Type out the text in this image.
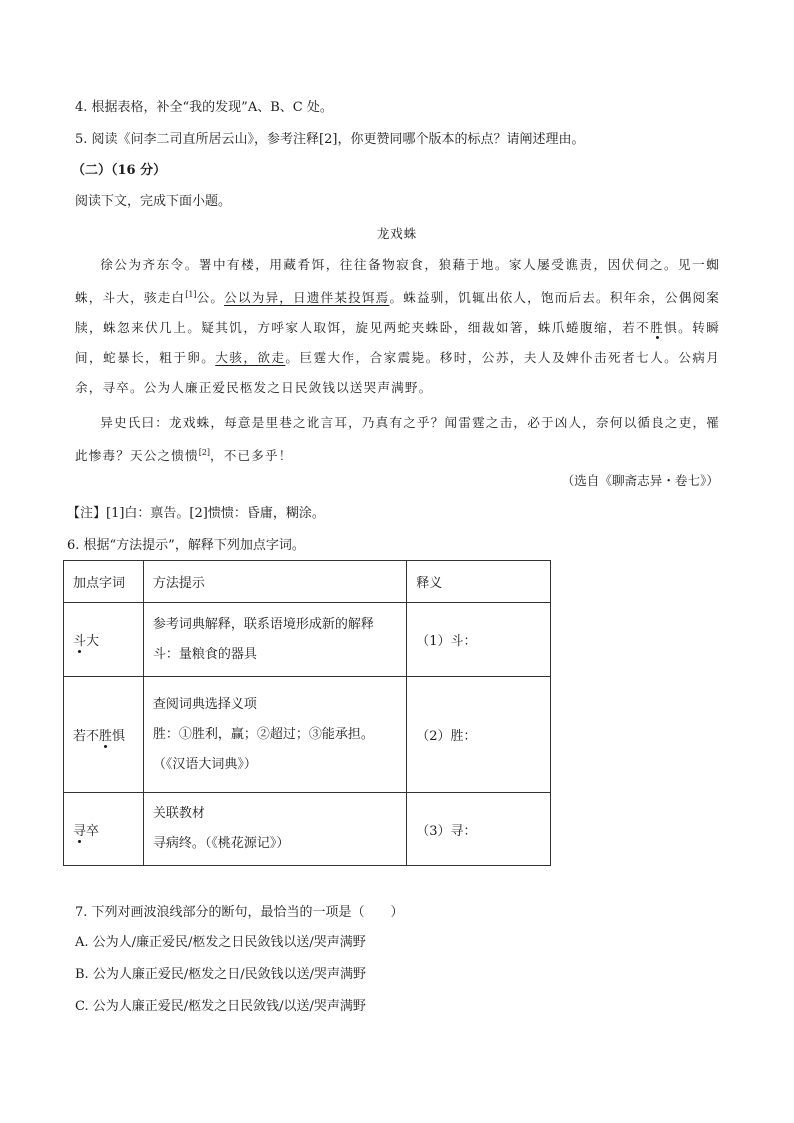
4. 根据表格，补全“我的发现”A、B、C 处。
5. 阅读《问李二司直所居云山》，参考注释[2]，你更赞同哪个版本的标点？请阐述理由。
（二）（16 分）
阅读下文，完成下面小题。
龙戏蛛

徐公为齐东令。署中有楼，用藏肴饵，往往备物寂食，狼藉于地。家人屡受谯责，因伏伺之。见一蜘蛛，斗大，骇走白[1]公。公以为异，日遗伴某投饵焉。蛛益驯，饥辄出依人，饱而后去。积年余，公偶阅案牍，蛛忽来伏几上。疑其饥，方呼家人取饵，旋见两蛇夹蛛卧，细裁如箸，蛛爪蜷腹缩，若不胜惧。转瞬间，蛇暴长，粗于卵。大骇，欲走。巨霆大作，合家震毙。移时，公苏，夫人及婢仆击死者七人。公病月余，寻卒。公为人廉正爱民柩发之日民敛钱以送哭声满野。

异史氏曰：龙戏蛛，每意是里巷之讹言耳，乃真有之乎？闻雷霆之击，必于凶人，奈何以循良之吏，罹此惨毒？天公之愦愦[2]，不已多乎！

（选自《聊斋志异・卷七》）
【注】[1]白：禀告。[2]愦愦：昏庸，糊涂。
6. 根据“方法提示”，解释下列加点字词。
加点字词	方法提示	释义
斗大	参考词典解释，联系语境形成新的解释
斗：量粮食的器具	（1）斗：
若不胜惧	查阅词典选择义项
胜：①胜利，赢；②超过；③能承担。
（《汉语大词典》）	（2）胜：
寻卒	关联教材
寻病终。（《桃花源记》）	（3）寻：
7. 下列对画波浪线部分的断句，最恰当的一项是（　　）
A. 公为人/廉正爱民/柩发之日民敛钱以送/哭声满野
B. 公为人廉正爱民/柩发之日/民敛钱以送/哭声满野
C. 公为人廉正爱民/柩发之日民敛钱/以送/哭声满野
